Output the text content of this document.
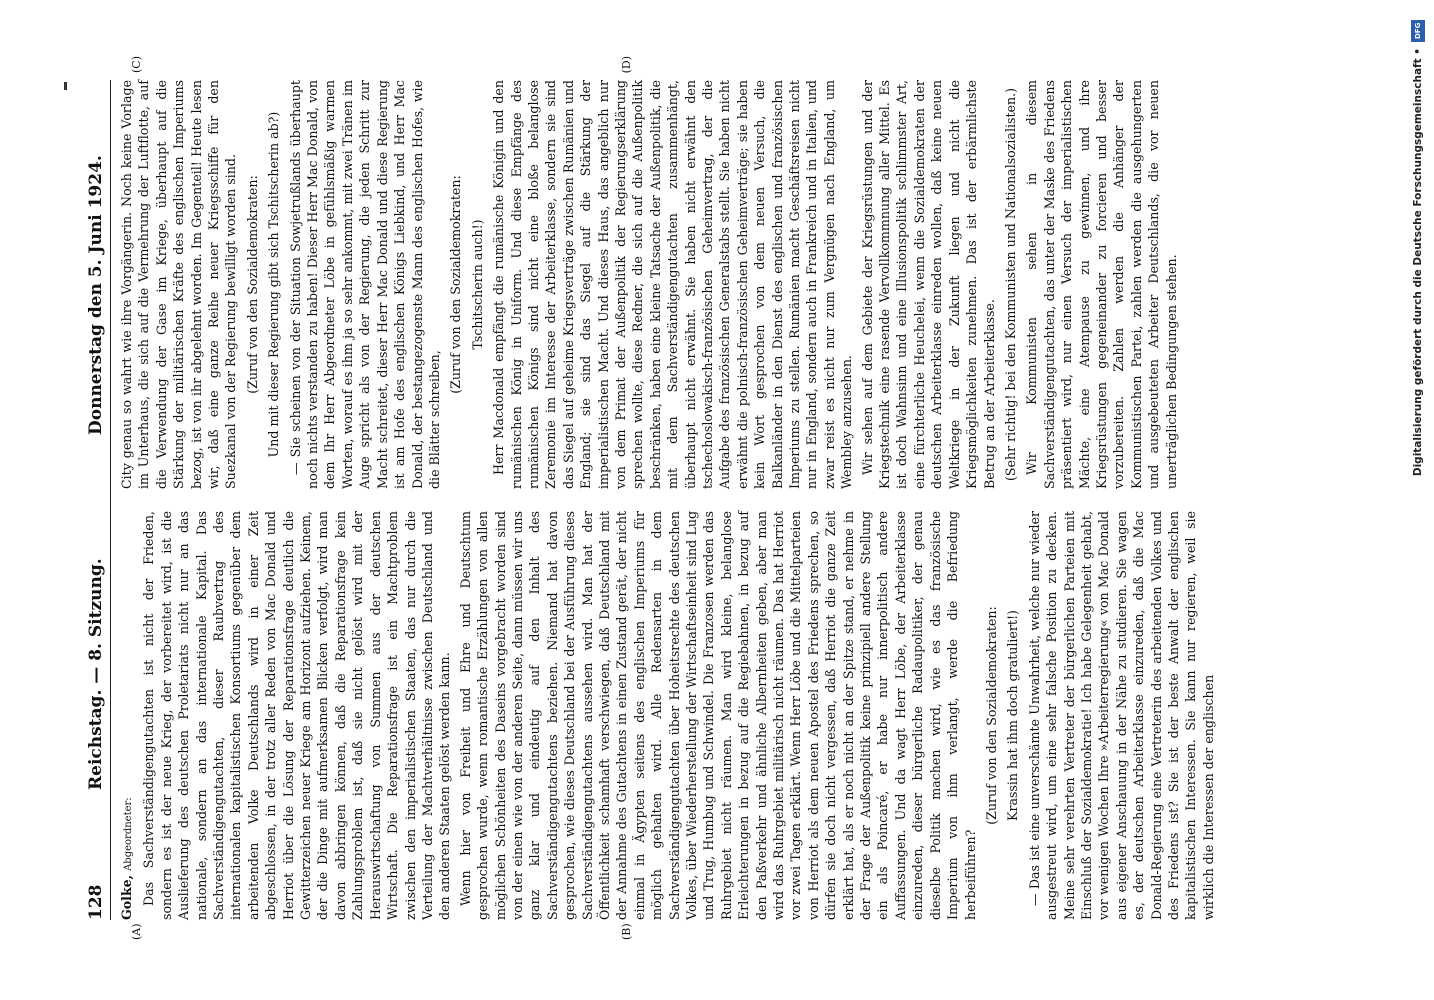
128
Reichstag. — 8. Sitzung.
Donnerstag den 5. Juni 1924.
(A)	(B)

Golke, Abgeordneter: Das Sachverständigengutachten ist nicht der Frieden, sondern es ist der neue Krieg, der vorbereitet wird, ist die Auslieferung des deutschen Proletariats nicht nur an das nationale, sondern an das internationale Kapital. Das Sachverständigengutachten, dieser Raubvertrag des internationalen kapitalistischen Konsortiums gegenüber dem arbeitenden Volke Deutschlands wird in einer Zeit abgeschlossen, in der trotz aller Reden von Mac Donald und Herriot über die Lösung der Reparationsfrage deutlich die Gewitterzeichen neuer Kriege am Horizont aufziehen. Keinem, der die Dinge mit aufmerksamen Blicken verfolgt, wird man davon abbringen können, daß die Reparationsfrage kein Zahlungsproblem ist, daß sie nicht gelöst wird mit der Herauswirtschaftung von Summen aus der deutschen Wirtschaft. Die Reparationsfrage ist ein Machtproblem zwischen den imperialistischen Staaten, das nur durch die Verteilung der Machtverhältnisse zwischen Deutschland und den anderen Staaten gelöst werden kann. Wenn hier von Freiheit und Ehre und Deutschtum gesprochen wurde, wenn romantische Erzählungen von allen möglichen Schönheiten des Daseins vorgebracht worden sind von der einen wie von der anderen Seite, dann müssen wir uns ganz klar und eindeutig auf den Inhalt des Sachverständigengutachtens beziehen. Niemand hat davon gesprochen, wie dieses Deutschland bei der Ausführung dieses Sachverständigengutachtens aussehen wird. Man hat der Öffentlichkeit schamhaft verschwiegen, daß Deutschland mit der Annahme des Gutachtens in einen Zustand gerät, der nicht einmal in Ägypten seitens des englischen Imperiums für möglich gehalten wird. Alle Redensarten in dem Sachverständigengutachten über Hoheitsrechte des deutschen Volkes, über Wiederherstellung der Wirtschaftseinheit sind Lug und Trug, Humbug und Schwindel. Die Franzosen werden das Ruhrgebiet nicht räumen. Man wird kleine, belanglose Erleichterungen in bezug auf die Regiebahnen, in bezug auf den Paßverkehr und ähnliche Albernheiten geben, aber man wird das Ruhrgebiet militärisch nicht räumen. Das hat Herriot vor zwei Tagen erklärt. Wenn Herr Löbe und die Mittelparteien von Herriot als dem neuen Apostel des Friedens sprechen, so dürfen sie doch nicht vergessen, daß Herriot die ganze Zeit erklärt hat, als er noch nicht an der Spitze stand, er nehme in der Frage der Außenpolitik keine prinzipiell andere Stellung ein als Poincaré, er habe nur innerpolitisch andere Auffassungen. Und da wagt Herr Löbe, der Arbeiterklasse einzureden, dieser bürgerliche Radaupolitiker, der genau dieselbe Politik machen wird, wie es das französische Imperium von ihm verlangt, werde die Befriedung herbeiführen?

(Zuruf von den Sozialdemokraten: Krassin hat ihm doch gratuliert!) — Das ist eine unverschämte Unwahrheit, welche nur wieder ausgestreut wird, um eine sehr falsche Position zu decken. Meine sehr verehrten Vertreter der bürgerlichen Parteien mit Einschluß der Sozialdemokratie! Ich habe Gelegenheit gehabt, vor wenigen Wochen Ihre »Arbeiterregierung« von Mac Donald aus eigener Anschauung in der Nähe zu studieren. Sie wagen es, der deutschen Arbeiterklasse einzureden, daß die Mac Donald-Regierung eine Vertreterin des arbeitenden Volkes und des Friedens ist? Sie ist der beste Anwalt der englischen kapitalistischen Interessen. Sie kann nur regieren, weil sie wirklich die Interessen der englischen

(C)	(D)

City genau so wahrt wie ihre Vorgängerin. Noch keine Vorlage im Unterhaus, die sich auf die Vermehrung der Luftflotte, auf die Verwendung der Gase im Kriege, überhaupt auf die Stärkung der militärischen Kräfte des englischen Imperiums bezog, ist von ihr abgelehnt worden. Im Gegenteil! Heute lesen wir, daß eine ganze Reihe neuer Kriegsschiffe für den Suezkanal von der Regierung bewilligt worden sind. (Zuruf von den Sozialdemokraten: Und mit dieser Regierung gibt sich Tschitscherin ab?) — Sie scheinen von der Situation Sowjetrußlands überhaupt noch nichts verstanden zu haben! Dieser Herr Mac Donald, von dem Ihr Herr Abgeordneter Löbe in gefühlsmäßig warmen Worten, worauf es ihm ja so sehr ankommt, mit zwei Tränen im Auge spricht als von der Regierung, die jeden Schritt zur Macht schreitet, dieser Herr Mac Donald und diese Regierung ist am Hofe des englischen Königs Liebkind, und Herr Mac Donald, der bestangezogenste Mann des englischen Hofes, wie die Blätter schreiben,

(Zuruf von den Sozialdemokraten: Tschitscherin auch!) Herr Macdonald empfängt die rumänische Königin und den rumänischen König in Uniform. Und diese Empfänge des rumänischen Königs sind nicht eine bloße belanglose Zeremonie im Interesse der Arbeiterklasse, sondern sie sind das Siegel auf geheime Kriegsverträge zwischen Rumänien und England; sie sind das Siegel auf die Stärkung der imperialistischen Macht. Und dieses Haus, das angeblich nur von dem Primat der Außenpolitik der Regierungserklärung sprechen wollte, diese Redner, die sich auf die Außenpolitik beschränken, haben eine kleine Tatsache der Außenpolitik, die mit dem Sachverständigengutachten zusammenhängt, überhaupt nicht erwähnt. Sie haben nicht erwähnt den tschechoslowakisch-französischen Geheimvertrag, der die Aufgabe des französischen Generalstabs stellt. Sie haben nicht erwähnt die polnisch-französischen Geheimverträge; sie haben kein Wort gesprochen von dem neuen Versuch, die Balkanländer in den Dienst des englischen und französischen Imperiums zu stellen. Rumänien macht Geschäftsreisen nicht nur in England, sondern auch in Frankreich und in Italien, und zwar reist es nicht nur zum Vergnügen nach England, um Wembley anzusehen. Wir sehen auf dem Gebiete der Kriegsrüstungen und der Kriegstechnik eine rasende Vervollkommnung aller Mittel. Es ist doch Wahnsinn und eine Illusionspolitik schlimmster Art, eine fürchterliche Heuchelei, wenn die Sozialdemokraten der deutschen Arbeiterklasse einreden wollen, daß keine neuen Weltkriege in der Zukunft liegen und nicht die Kriegsmöglichkeiten zunehmen. Das ist der erbärmlichste Betrug an der Arbeiterklasse. (Sehr richtig! bei den Kommunisten und Nationalsozialisten.) Wir Kommunisten sehen in diesem Sachverständigengutachten, das unter der Maske des Friedens präsentiert wird, nur einen Versuch der imperialistischen Mächte, eine Atempause zu gewinnen, und ihre Kriegsrüstungen gegeneinander zu forcieren und besser vorzubereiten. Zahlen werden die Anhänger der Kommunistischen Partei, zahlen werden die ausgehungerten und ausgebeuteten Arbeiter Deutschlands, die vor neuen unerträglichen Bedingungen stehen.

DFG
Digitalisierung gefördert durch die Deutsche Forschungsgemeinschaft •
